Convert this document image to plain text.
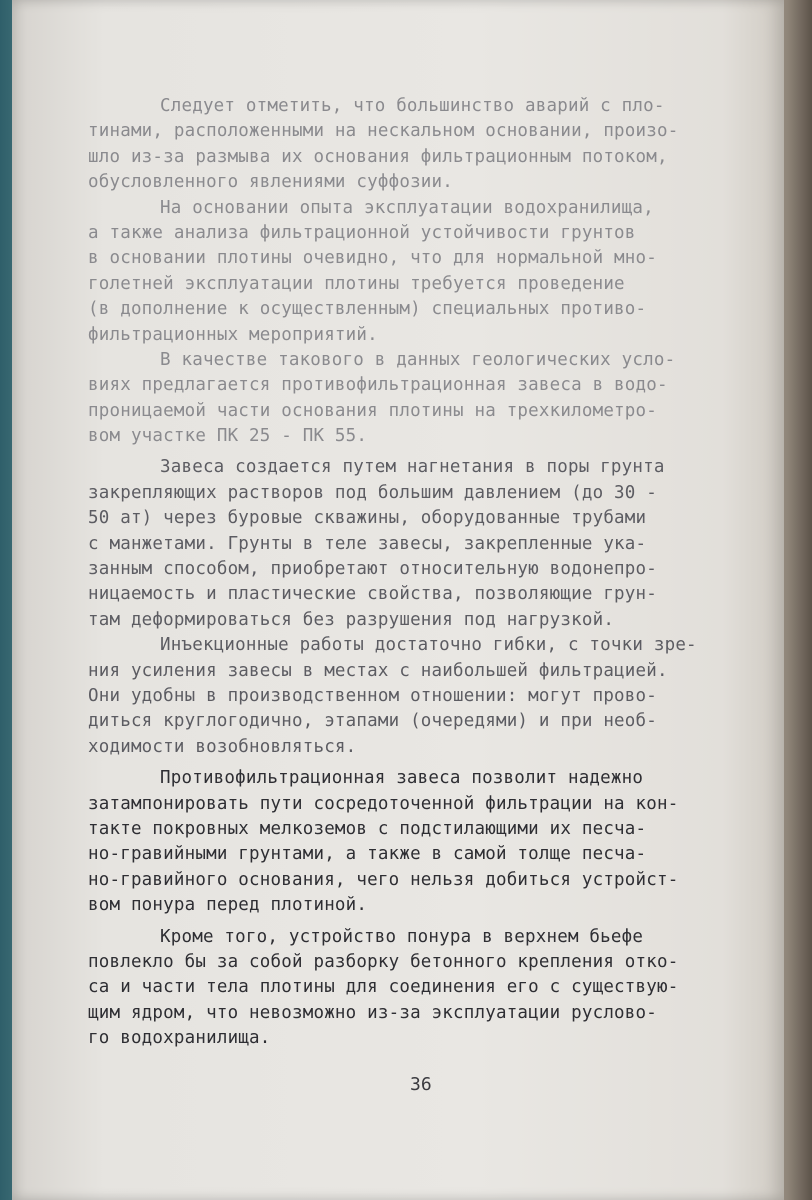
Следует отметить, что большинство аварий с пло-
тинами, расположенными на нескальном основании, произо-
шло из-за размыва их основания фильтрационным потоком,
обусловленного явлениями суффозии.
На основании опыта эксплуатации водохранилища,
а также анализа фильтрационной устойчивости грунтов
в основании плотины очевидно, что для нормальной мно-
голетней эксплуатации плотины требуется проведение
(в дополнение к осуществленным) специальных противо-
фильтрационных мероприятий.
В качестве такового в данных геологических усло-
виях предлагается противофильтрационная завеса в водо-
проницаемой части основания плотины на трехкилометро-
вом участке ПК 25 - ПК 55.
Завеса создается путем нагнетания в поры грунта
закрепляющих растворов под большим давлением (до 30 -
50 ат) через буровые скважины, оборудованные трубами
с манжетами. Грунты в теле завесы, закрепленные ука-
занным способом, приобретают относительную водонепро-
ницаемость и пластические свойства, позволяющие грун-
там деформироваться без разрушения под нагрузкой.
Инъекционные работы достаточно гибки, с точки зре-
ния усиления завесы в местах с наибольшей фильтрацией.
Они удобны в производственном отношении: могут прово-
диться круглогодично, этапами (очередями) и при необ-
ходимости возобновляться.
Противофильтрационная завеса позволит надежно
затампонировать пути сосредоточенной фильтрации на кон-
такте покровных мелкоземов с подстилающими их песча-
но-гравийными грунтами, а также в самой толще песча-
но-гравийного основания, чего нельзя добиться устройст-
вом понура перед плотиной.
Кроме того, устройство понура в верхнем бьефе
повлекло бы за собой разборку бетонного крепления отко-
са и части тела плотины для соединения его с существую-
щим ядром, что невозможно из-за эксплуатации руслово-
го водохранилища.
36
